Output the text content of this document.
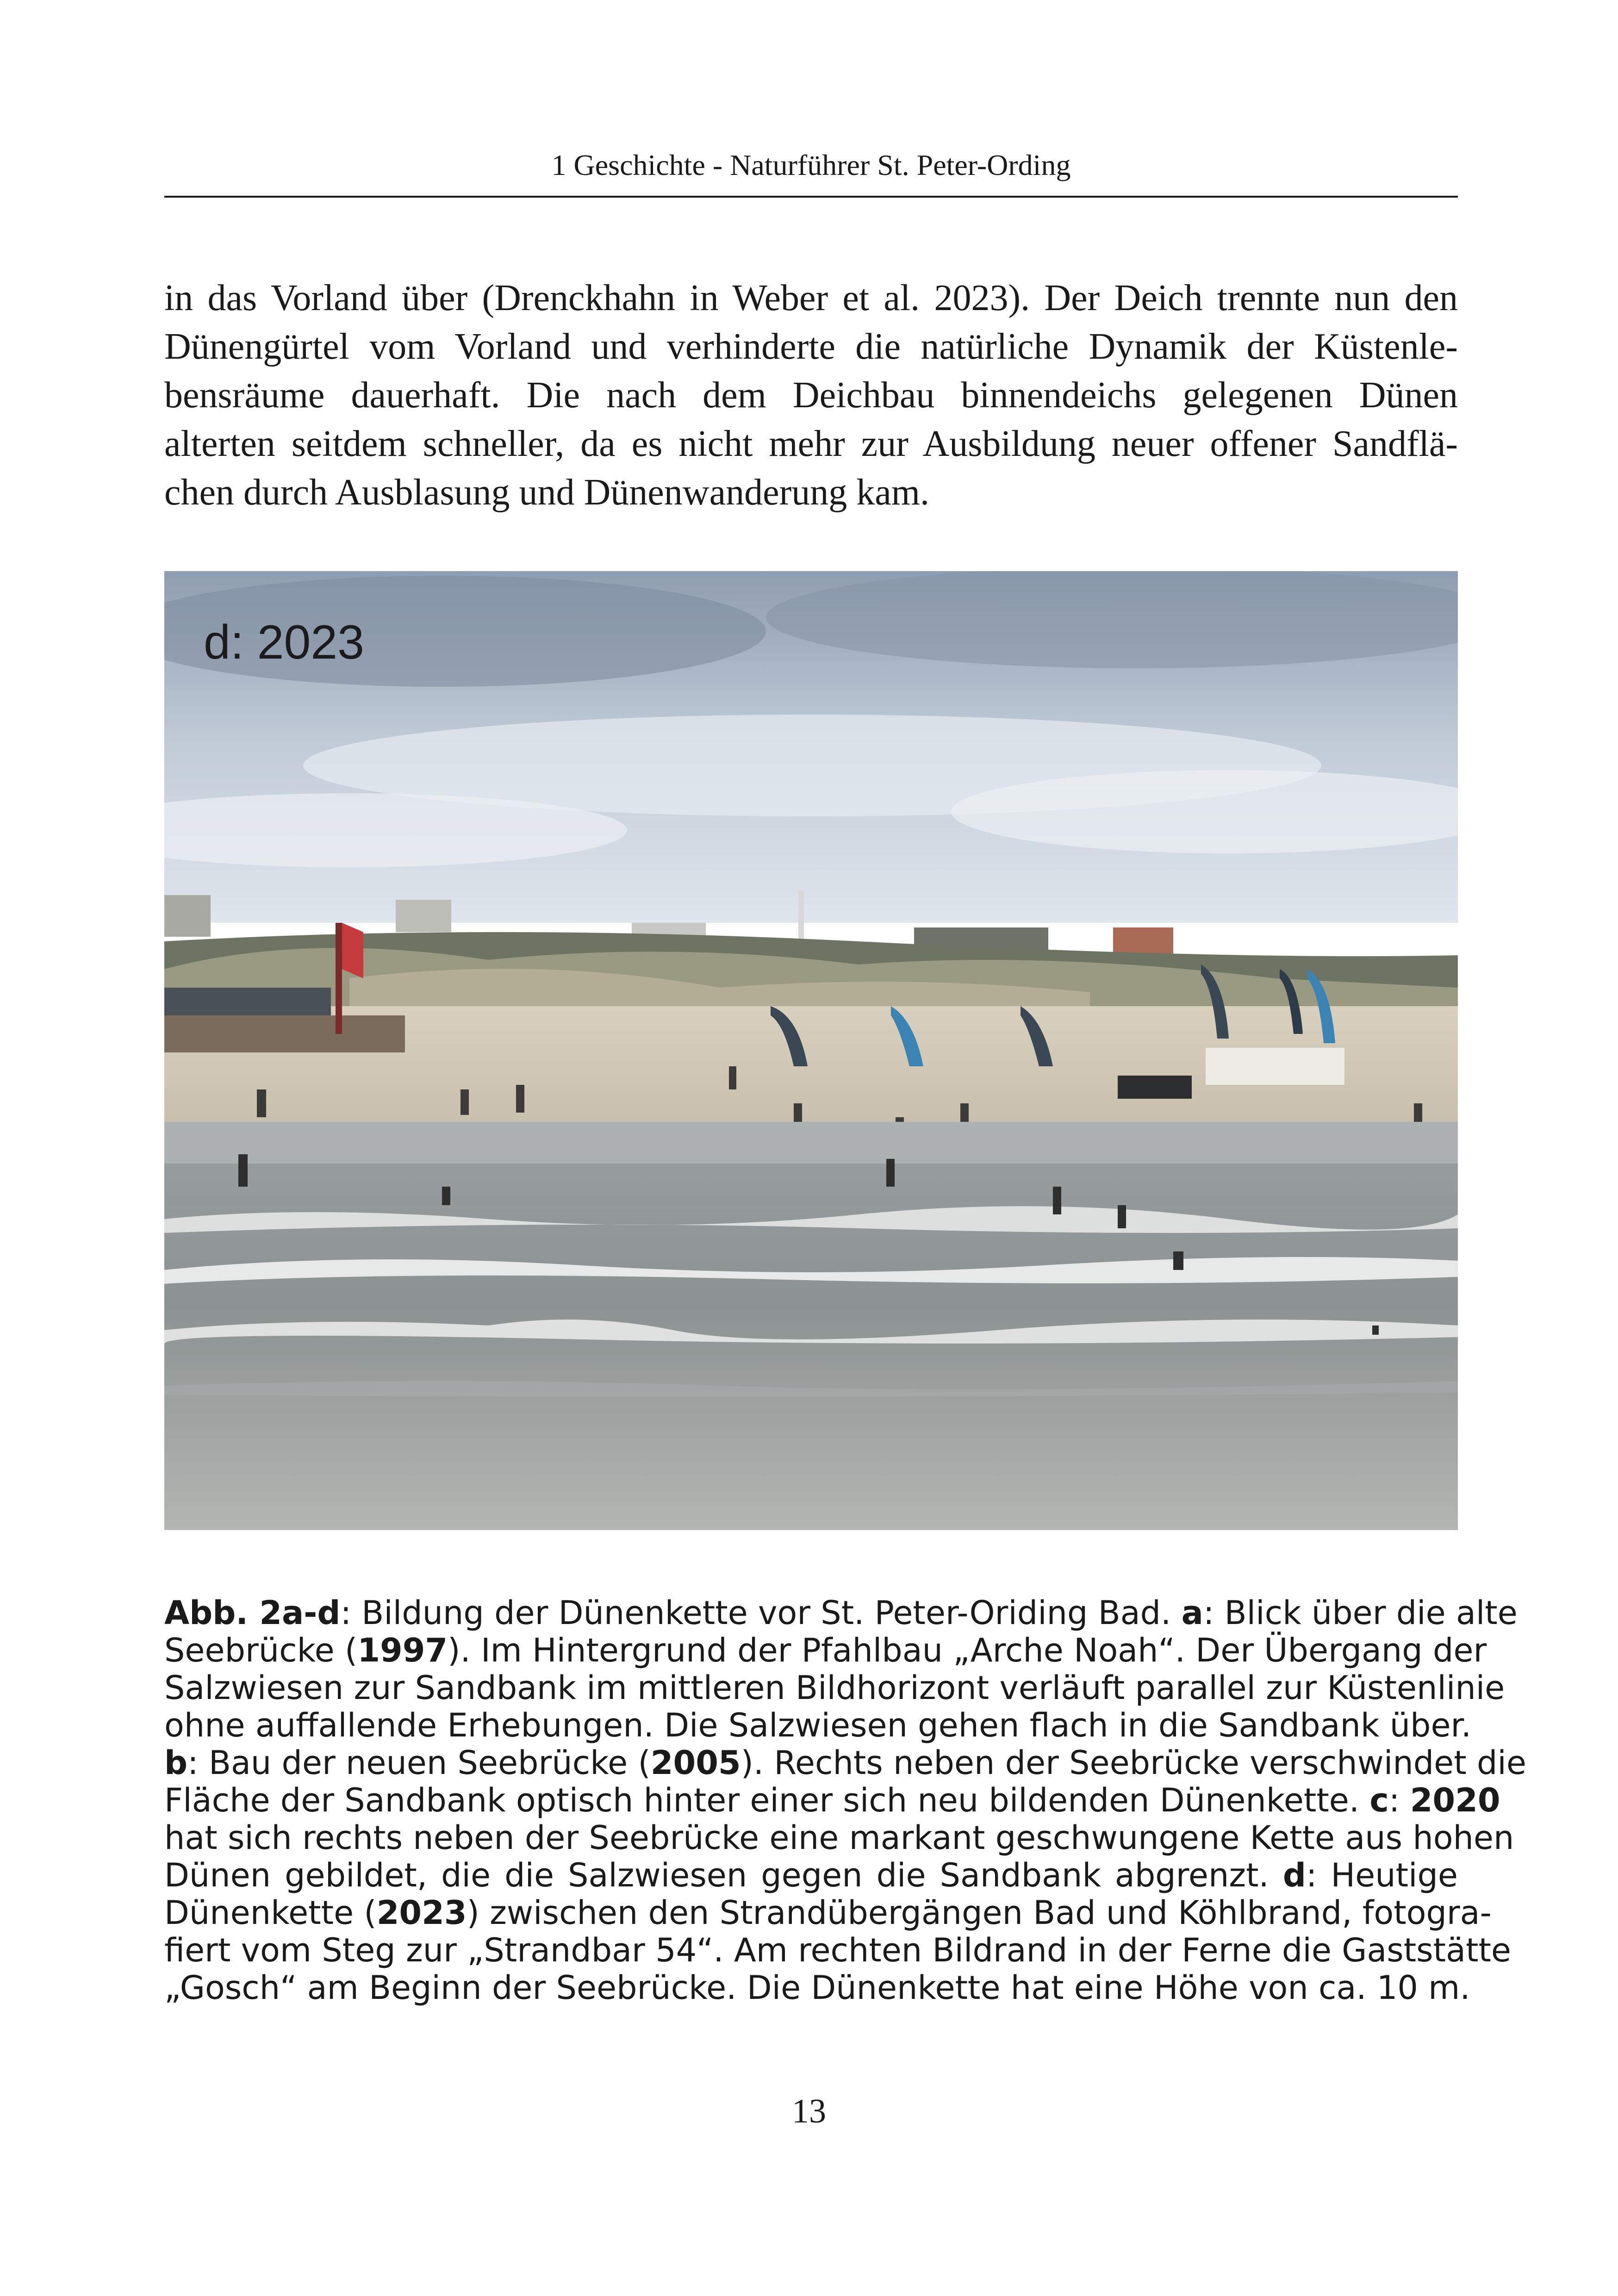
1 Geschichte - Naturführer St. Peter-Ording
in das Vorland über (Drenckhahn in Weber et al. 2023). Der Deich trennte nun den
Dünengürtel vom Vorland und verhinderte die natürliche Dynamik der Küstenle-
bensräume dauerhaft. Die nach dem Deichbau binnendeichs gelegenen Dünen
alterten seitdem schneller, da es nicht mehr zur Ausbildung neuer offener Sandflä-
chen durch Ausblasung und Dünenwanderung kam.
d: 2023
Abb. 2a-d: Bildung der Dünenkette vor St. Peter-Oriding Bad. a: Blick über die alte
Seebrücke (1997). Im Hintergrund der Pfahlbau „Arche Noah“. Der Übergang der
Salzwiesen zur Sandbank im mittleren Bildhorizont verläuft parallel zur Küstenlinie
ohne auffallende Erhebungen. Die Salzwiesen gehen flach in die Sandbank über.
b: Bau der neuen Seebrücke (2005). Rechts neben der Seebrücke verschwindet die
Fläche der Sandbank optisch hinter einer sich neu bildenden Dünenkette. c: 2020
hat sich rechts neben der Seebrücke eine markant geschwungene Kette aus hohen
Dünen gebildet, die die Salzwiesen gegen die Sandbank abgrenzt. d: Heutige
Dünenkette (2023) zwischen den Strandübergängen Bad und Köhlbrand, fotogra-
fiert vom Steg zur „Strandbar 54“. Am rechten Bildrand in der Ferne die Gaststätte
„Gosch“ am Beginn der Seebrücke. Die Dünenkette hat eine Höhe von ca. 10 m.
13
